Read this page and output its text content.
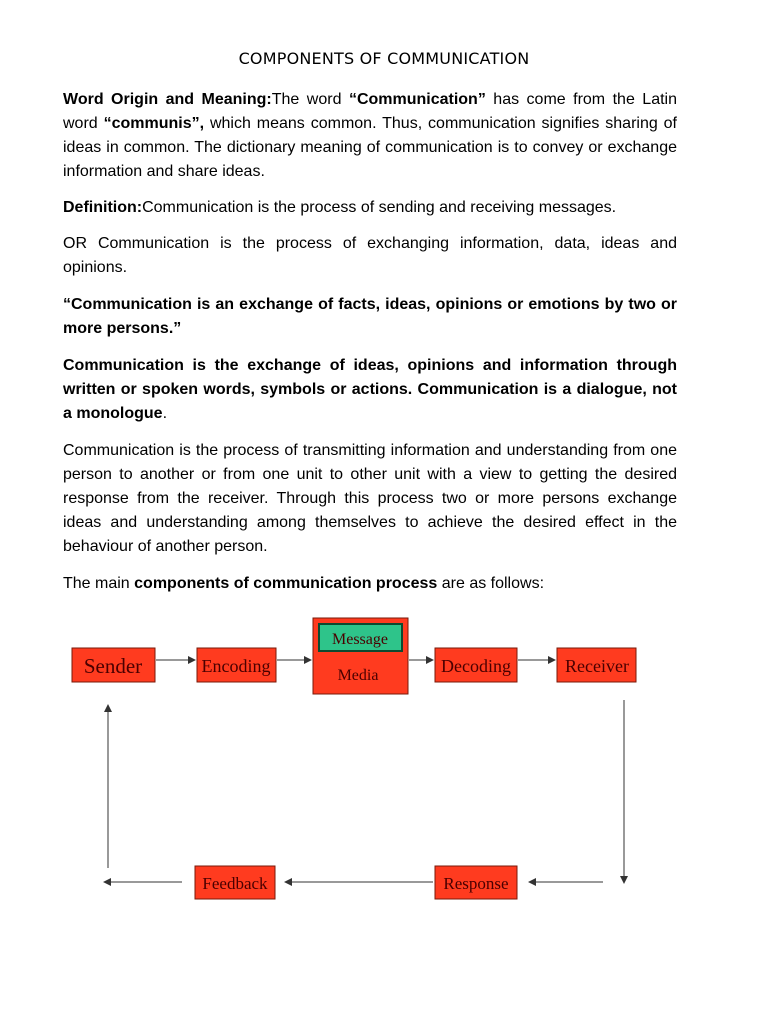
COMPONENTS OF COMMUNICATION

Word Origin and Meaning:The word “Communication” has come from the Latin word “communis”, which means common. Thus, communication signifies sharing of ideas in common. The dictionary meaning of communication is to convey or exchange information and share ideas.

Definition:Communication is the process of sending and receiving messages.

OR Communication is the process of exchanging information, data, ideas and opinions.

“Communication is an exchange of facts, ideas, opinions or emotions by two or more persons.”

Communication is the exchange of ideas, opinions and information through written or spoken words, symbols or actions. Communication is a dialogue, not a monologue.

Communication is the process of transmitting information and understanding from one person to another or from one unit to other unit with a view to getting the desired response from the receiver. Through this process two or more persons exchange ideas and understanding among themselves to achieve the desired effect in the behaviour of another person.

The main components of communication process are as follows:

Sender	Encoding
Message
Media	Decoding	Receiver
Response
Feedback
